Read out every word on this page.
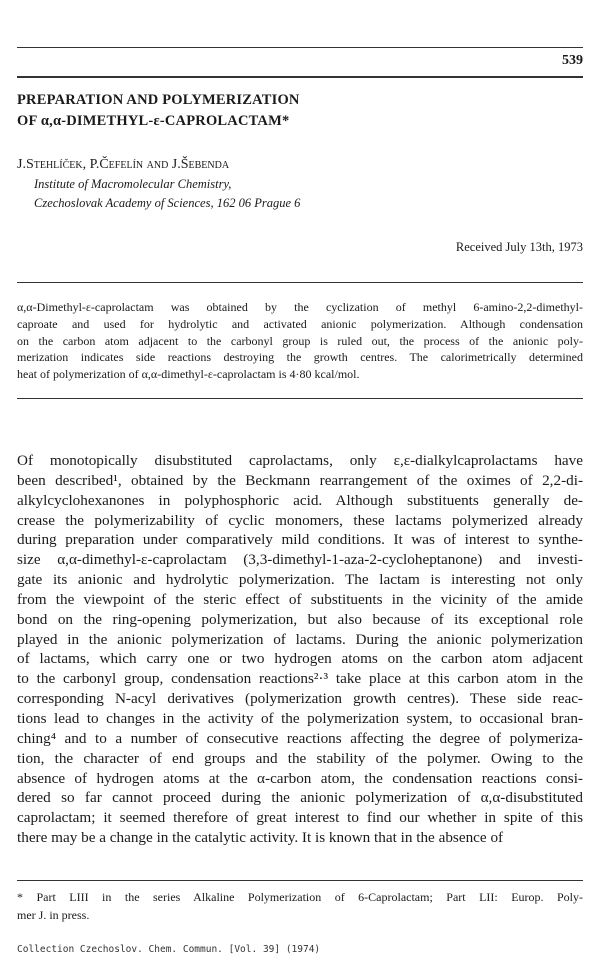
539
PREPARATION AND POLYMERIZATION
OF α,α-DIMETHYL-ε-CAPROLACTAM*
J.Stehlíček, P.Čefelín and J.Šebenda
Institute of Macromolecular Chemistry,
Czechoslovak Academy of Sciences, 162 06 Prague 6
Received July 13th, 1973
α,α-Dimethyl-ε-caprolactam was obtained by the cyclization of methyl 6-amino-2,2-dimethyl-
caproate and used for hydrolytic and activated anionic polymerization. Although condensation
on the carbon atom adjacent to the carbonyl group is ruled out, the process of the anionic poly-
merization indicates side reactions destroying the growth centres. The calorimetrically determined
heat of polymerization of α,α-dimethyl-ε-caprolactam is 4·80 kcal/mol.
Of monotopically disubstituted caprolactams, only ε,ε-dialkylcaprolactams have
been described¹, obtained by the Beckmann rearrangement of the oximes of 2,2-di-
alkylcyclohexanones in polyphosphoric acid. Although substituents generally de-
crease the polymerizability of cyclic monomers, these lactams polymerized already
during preparation under comparatively mild conditions. It was of interest to synthe-
size α,α-dimethyl-ε-caprolactam (3,3-dimethyl-1-aza-2-cycloheptanone) and investi-
gate its anionic and hydrolytic polymerization. The lactam is interesting not only
from the viewpoint of the steric effect of substituents in the vicinity of the amide
bond on the ring-opening polymerization, but also because of its exceptional role
played in the anionic polymerization of lactams. During the anionic polymerization
of lactams, which carry one or two hydrogen atoms on the carbon atom adjacent
to the carbonyl group, condensation reactions²·³ take place at this carbon atom in the
corresponding N-acyl derivatives (polymerization growth centres). These side reac-
tions lead to changes in the activity of the polymerization system, to occasional bran-
ching⁴ and to a number of consecutive reactions affecting the degree of polymeriza-
tion, the character of end groups and the stability of the polymer. Owing to the
absence of hydrogen atoms at the α-carbon atom, the condensation reactions consi-
dered so far cannot proceed during the anionic polymerization of α,α-disubstituted
caprolactam; it seemed therefore of great interest to find our whether in spite of this
there may be a change in the catalytic activity. It is known that in the absence of
* Part LIII in the series Alkaline Polymerization of 6-Caprolactam; Part LII: Europ. Poly-
mer J. in press.
Collection Czechoslov. Chem. Commun. [Vol. 39] (1974)
